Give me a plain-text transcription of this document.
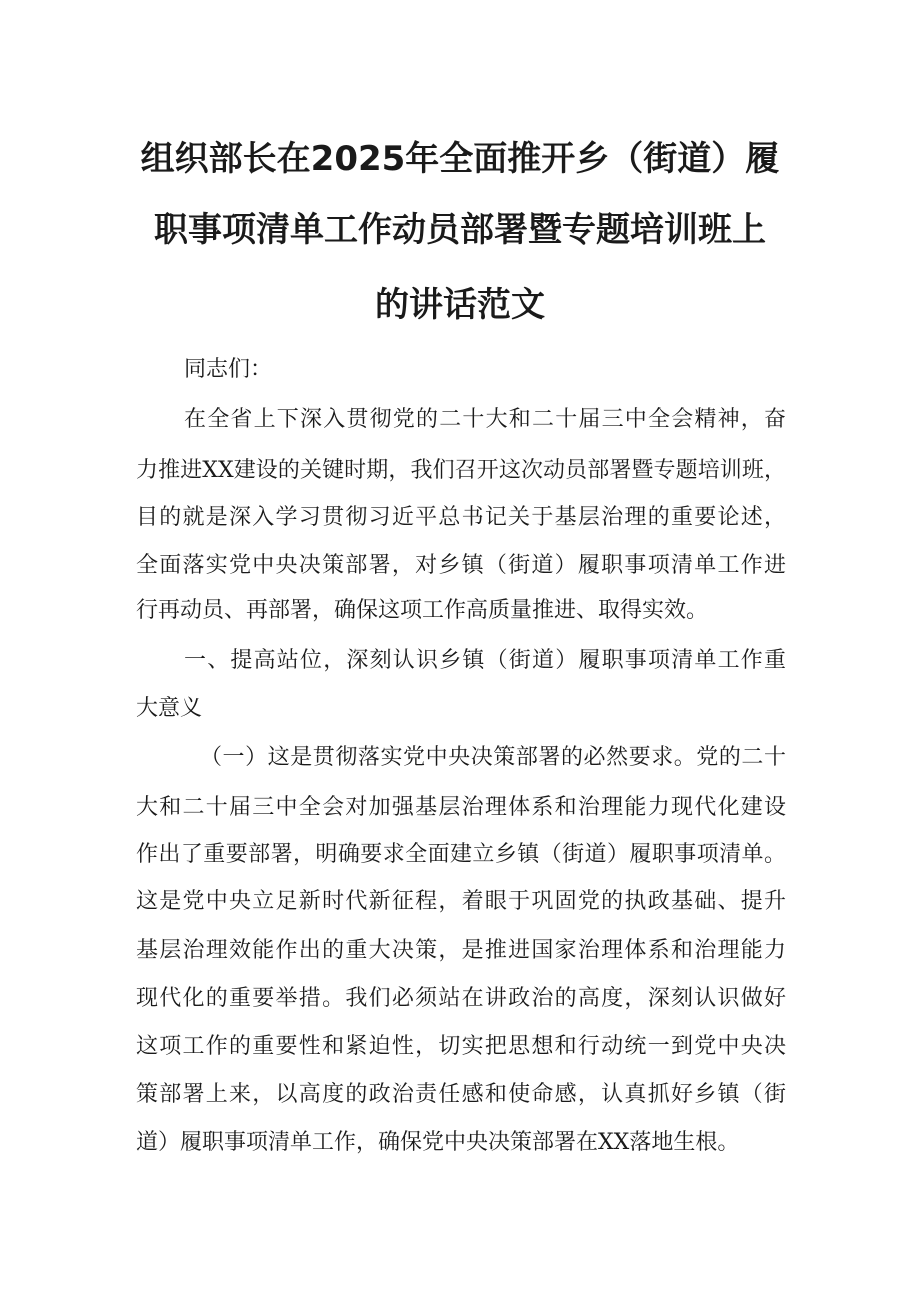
组织部长在2025年全面推开乡（街道）履
职事项清单工作动员部署暨专题培训班上
的讲话范文
同志们：
在全省上下深入贯彻党的二十大和二十届三中全会精神，奋
力推进XX建设的关键时期，我们召开这次动员部署暨专题培训班，
目的就是深入学习贯彻习近平总书记关于基层治理的重要论述，
全面落实党中央决策部署，对乡镇（街道）履职事项清单工作进
行再动员、再部署，确保这项工作高质量推进、取得实效。
一、提高站位，深刻认识乡镇（街道）履职事项清单工作重
大意义
（一）这是贯彻落实党中央决策部署的必然要求。党的二十
大和二十届三中全会对加强基层治理体系和治理能力现代化建设
作出了重要部署，明确要求全面建立乡镇（街道）履职事项清单。
这是党中央立足新时代新征程，着眼于巩固党的执政基础、提升
基层治理效能作出的重大决策，是推进国家治理体系和治理能力
现代化的重要举措。我们必须站在讲政治的高度，深刻认识做好
这项工作的重要性和紧迫性，切实把思想和行动统一到党中央决
策部署上来，以高度的政治责任感和使命感，认真抓好乡镇（街
道）履职事项清单工作，确保党中央决策部署在XX落地生根。
